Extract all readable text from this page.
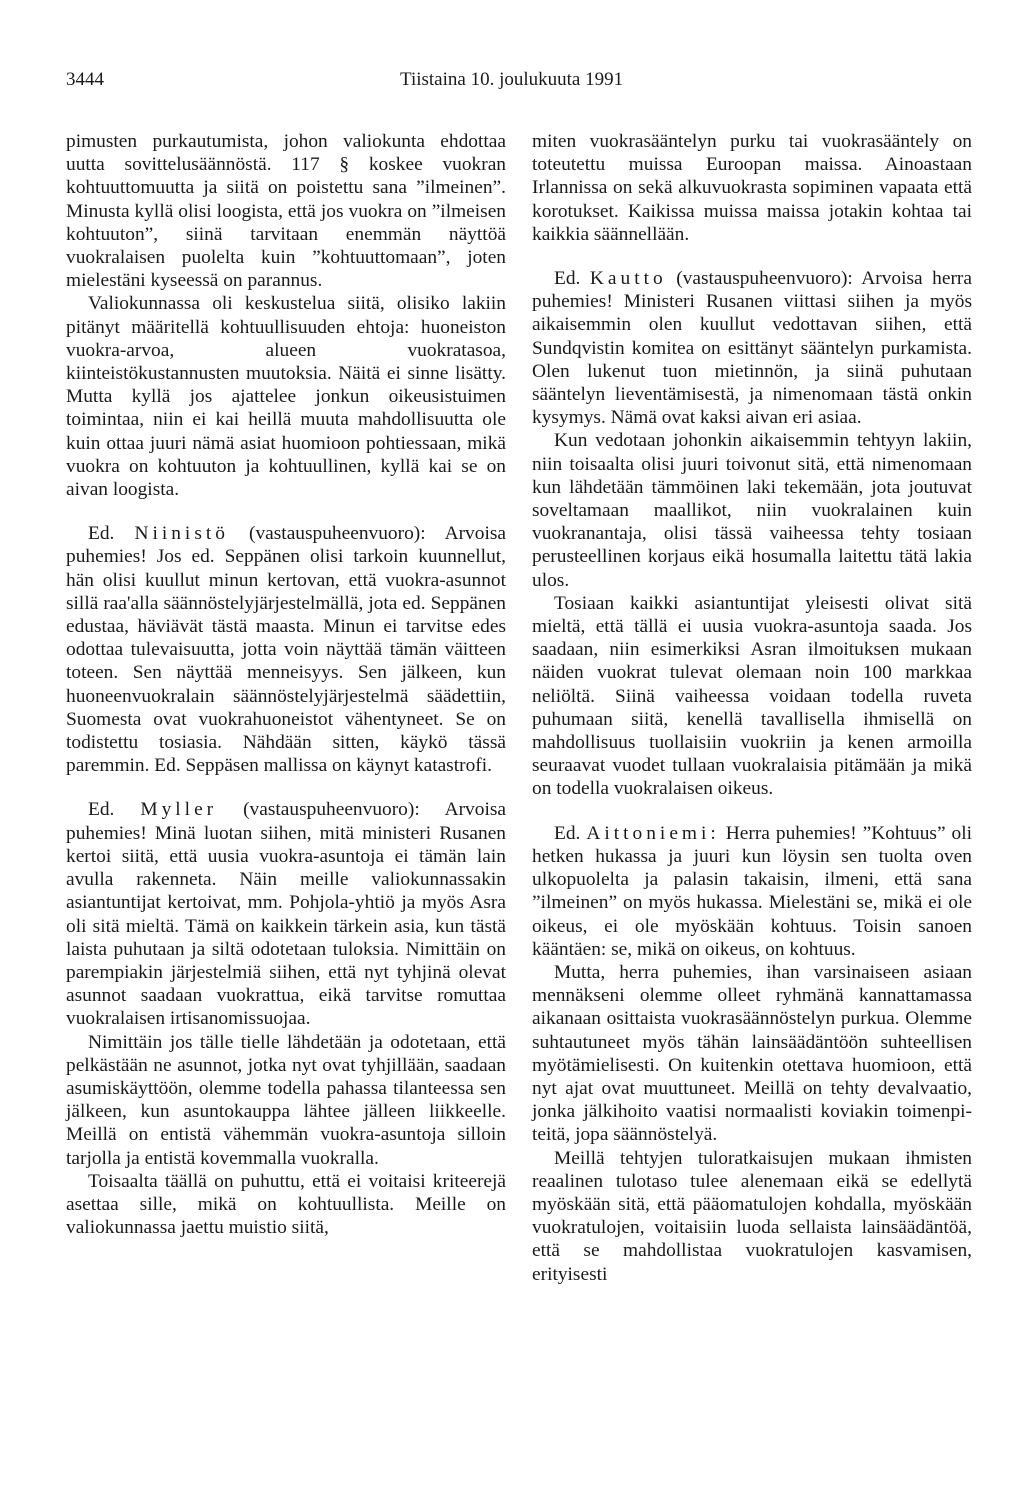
3444	Tiistaina 10. joulukuuta 1991

pimusten purkautumista, johon valiokunta ehdottaa uutta sovittelusäännöstä. 117 § koskee vuokran kohtuuttomuutta ja siitä on poistettu sana ”ilmeinen”. Minusta kyllä olisi loogista, että jos vuokra on ”ilmeisen kohtuuton”, siinä tarvitaan enemmän näyttöä vuokralaisen puolelta kuin ”kohtuuttomaan”, joten mielestäni kyseessä on parannus.

Valiokunnassa oli keskustelua siitä, olisiko lakiin pitänyt määritellä kohtuullisuuden ehtoja: huoneiston vuokra-arvoa, alueen vuokratasoa, kiinteistökustannusten muutoksia. Näitä ei sinne lisätty. Mutta kyllä jos ajattelee jonkun oikeusistuimen toimintaa, niin ei kai heillä muuta mahdollisuutta ole kuin ottaa juuri nämä asiat huomioon pohtiessaan, mikä vuokra on kohtuuton ja kohtuullinen, kyllä kai se on aivan loogista.

Ed. Niinistö (vastauspuheenvuoro): Arvoisa puhemies! Jos ed. Seppänen olisi tarkoin kuunnellut, hän olisi kuullut minun kertovan, että vuokra-asunnot sillä raa'alla säännöstelyjärjestelmällä, jota ed. Seppänen edustaa, häviävät tästä maasta. Minun ei tarvitse edes odottaa tulevaisuutta, jotta voin näyttää tämän väitteen toteen. Sen näyttää menneisyys. Sen jälkeen, kun huoneenvuokralain säännöstelyjärjestelmä säädettiin, Suomesta ovat vuokrahuoneistot vähentyneet. Se on todistettu tosiasia. Nähdään sitten, käykö tässä paremmin. Ed. Seppäsen mallissa on käynyt katastrofi.

Ed. Myller (vastauspuheenvuoro): Arvoisa puhemies! Minä luotan siihen, mitä ministeri Rusanen kertoi siitä, että uusia vuokra-asuntoja ei tämän lain avulla rakenneta. Näin meille valiokunnassakin asiantuntijat kertoivat, mm. Pohjola-yhtiö ja myös Asra oli sitä mieltä. Tämä on kaikkein tärkein asia, kun tästä laista puhutaan ja siltä odotetaan tuloksia. Nimittäin on parempiakin järjestelmiä siihen, että nyt tyhjinä olevat asunnot saadaan vuokrattua, eikä tarvitse romuttaa vuokralaisen irtisanomissuojaa.

Nimittäin jos tälle tielle lähdetään ja odotetaan, että pelkästään ne asunnot, jotka nyt ovat tyhjillään, saadaan asumiskäyttöön, olemme todella pahassa tilanteessa sen jälkeen, kun asuntokauppa lähtee jälleen liikkeelle. Meillä on entistä vähemmän vuokra-asuntoja silloin tarjolla ja entistä kovemmalla vuokralla.

Toisaalta täällä on puhuttu, että ei voitaisi kriteerejä asettaa sille, mikä on kohtuullista. Meille on valiokunnassa jaettu muistio siitä,

miten vuokrasääntelyn purku tai vuokrasääntely on toteutettu muissa Euroopan maissa. Ainoastaan Irlannissa on sekä alkuvuokrasta sopiminen vapaata että korotukset. Kaikissa muissa maissa jotakin kohtaa tai kaikkia säännellään.

Ed. Kautto (vastauspuheenvuoro): Arvoisa herra puhemies! Ministeri Rusanen viittasi siihen ja myös aikaisemmin olen kuullut vedottavan siihen, että Sundqvistin komitea on esittänyt sääntelyn purkamista. Olen lukenut tuon mietinnön, ja siinä puhutaan sääntelyn lieventämisestä, ja nimenomaan tästä onkin kysymys. Nämä ovat kaksi aivan eri asiaa.

Kun vedotaan johonkin aikaisemmin tehtyyn lakiin, niin toisaalta olisi juuri toivonut sitä, että nimenomaan kun lähdetään tämmöinen laki tekemään, jota joutuvat soveltamaan maallikot, niin vuokralainen kuin vuokranantaja, olisi tässä vaiheessa tehty tosiaan perusteellinen korjaus eikä hosumalla laitettu tätä lakia ulos.

Tosiaan kaikki asiantuntijat yleisesti olivat sitä mieltä, että tällä ei uusia vuokra-asuntoja saada. Jos saadaan, niin esimerkiksi Asran ilmoituksen mukaan näiden vuokrat tulevat olemaan noin 100 markkaa neliöltä. Siinä vaiheessa voidaan todella ruveta puhumaan siitä, kenellä tavallisella ihmisellä on mahdollisuus tuollaisiin vuokriin ja kenen armoilla seuraavat vuodet tullaan vuokralaisia pitämään ja mikä on todella vuokralaisen oikeus.

Ed. Aittoniemi: Herra puhemies! ”Kohtuus” oli hetken hukassa ja juuri kun löysin sen tuolta oven ulkopuolelta ja palasin takaisin, ilmeni, että sana ”ilmeinen” on myös hukassa. Mielestäni se, mikä ei ole oikeus, ei ole myöskään kohtuus. Toisin sanoen kääntäen: se, mikä on oikeus, on kohtuus.

Mutta, herra puhemies, ihan varsinaiseen asiaan mennäkseni olemme olleet ryhmänä kannattamassa aikanaan osittaista vuokrasäännöstelyn purkua. Olemme suhtautuneet myös tähän lainsäädäntöön suhteellisen myötämielisesti. On kuitenkin otettava huomioon, että nyt ajat ovat muuttuneet. Meillä on tehty devalvaatio, jonka jälkihoito vaatisi normaalisti koviakin toimenpiteitä, jopa säännöstelyä.

Meillä tehtyjen tuloratkaisujen mukaan ihmisten reaalinen tulotaso tulee alenemaan eikä se edellytä myöskään sitä, että pääomatulojen kohdalla, myöskään vuokratulojen, voitaisiin luoda sellaista lainsäädäntöä, että se mahdollistaa vuokratulojen kasvamisen, erityisesti
